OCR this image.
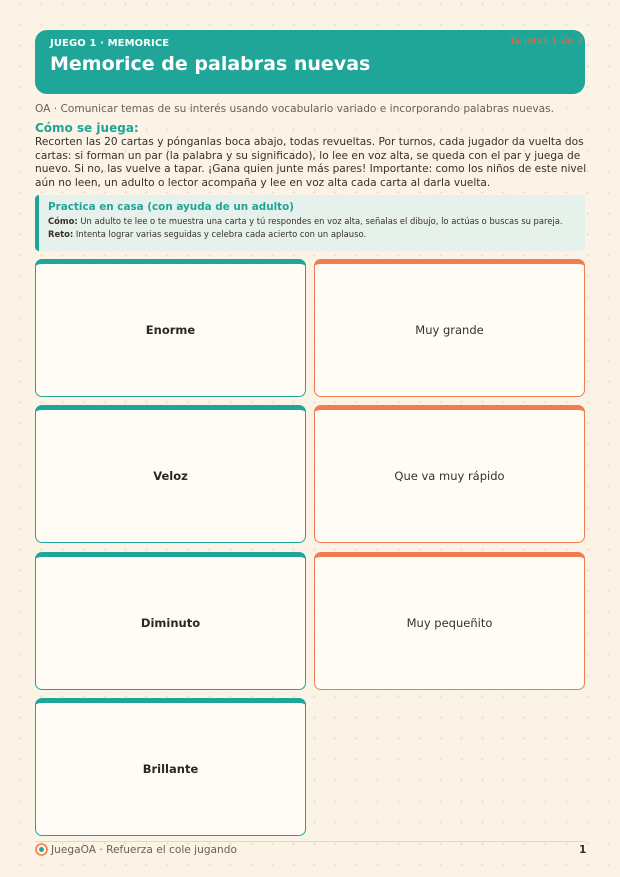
JUEGO 1 · MEMORICE
Memorice de palabras nuevas
Tarjetas 1 de 3
OA · Comunicar temas de su interés usando vocabulario variado e incorporando palabras nuevas.
Cómo se juega:
Recorten las 20 cartas y pónganlas boca abajo, todas revueltas. Por turnos, cada jugador da vuelta dos cartas: si forman un par (la palabra y su significado), lo lee en voz alta, se queda con el par y juega de nuevo. Si no, las vuelve a tapar. ¡Gana quien junte más pares! Importante: como los niños de este nivel aún no leen, un adulto o lector acompaña y lee en voz alta cada carta al darla vuelta.
Practica en casa (con ayuda de un adulto)
Cómo: Un adulto te lee o te muestra una carta y tú respondes en voz alta, señalas el dibujo, lo actúas o buscas su pareja.
Reto: Intenta lograr varias seguidas y celebra cada acierto con un aplauso.
Enorme	Muy grande
Veloz	Que va muy rápido
Diminuto	Muy pequeñito
Brillante
JuegaOA · Refuerza el cole jugando	1
